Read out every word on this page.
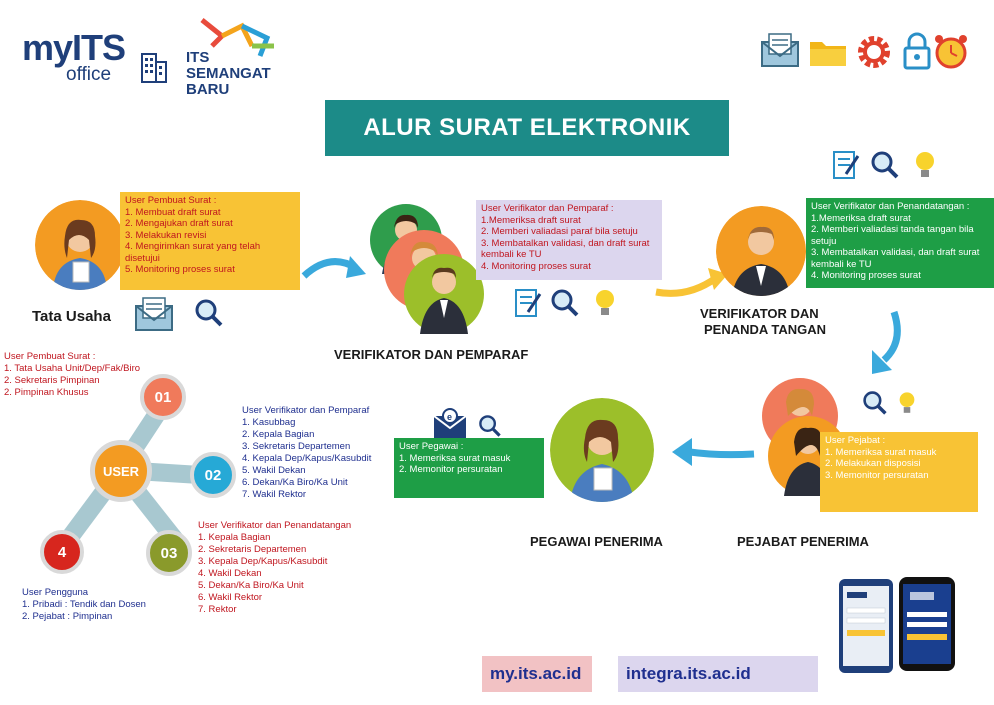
myITS
office
ITS
SEMANGAT
BARU
ALUR SURAT ELEKTRONIK
User Pembuat Surat :
1. Membuat draft surat
2. Mengajukan draft surat
3. Melakukan revisi
4. Mengirimkan surat yang telah disetujui
5. Monitoring proses surat
Tata Usaha
User Verifikator dan Pemparaf :
1.Memeriksa draft surat
2. Memberi valiadasi paraf bila setuju
3. Membatalkan validasi, dan draft surat kembali ke TU
4. Monitoring proses surat
VERIFIKATOR DAN PEMPARAF
User Verifikator dan Penandatangan :
1.Memeriksa draft surat
2. Memberi valiadasi tanda tangan bila setuju
3. Membatalkan validasi, dan draft surat kembali ke TU
4. Monitoring proses surat
VERIFIKATOR DAN
PENANDA TANGAN
User Pejabat :
1. Memeriksa surat masuk
2. Melakukan disposisi
3. Memonitor persuratan
PEJABAT PENERIMA
e
User Pegawai :
1. Memeriksa surat masuk
2. Memonitor persuratan
PEGAWAI PENERIMA
USER
01
02
03
4
User Pembuat Surat :
1. Tata Usaha Unit/Dep/Fak/Biro
2. Sekretaris Pimpinan
2. Pimpinan Khusus
User Verifikator dan Pemparaf
1. Kasubbag
2. Kepala Bagian
3. Sekretaris Departemen
4. Kepala Dep/Kapus/Kasubdit
5. Wakil Dekan
6. Dekan/Ka Biro/Ka Unit
7. Wakil Rektor
User Verifikator dan Penandatangan
1. Kepala Bagian
2. Sekretaris Departemen
3. Kepala Dep/Kapus/Kasubdit
4. Wakil Dekan
5. Dekan/Ka Biro/Ka Unit
6. Wakil Rektor
7. Rektor
User Pengguna
1. Pribadi : Tendik dan Dosen
2. Pejabat : Pimpinan
my.its.ac.id	integra.its.ac.id
